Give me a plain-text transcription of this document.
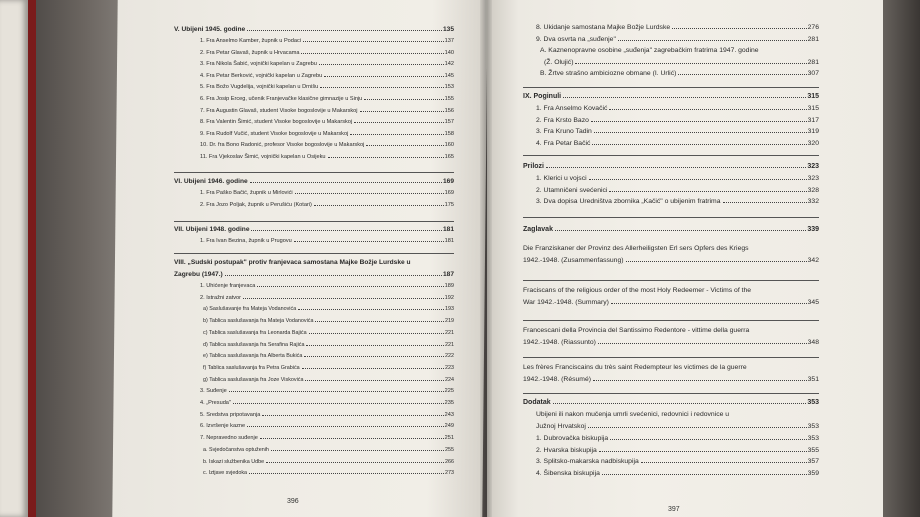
V. Ubijeni 1945. godine	135
1. Fra Anselmo Kamber, župnik u Podaci	137
2. Fra Petar Glavaš, župnik u Hrvacama	140
3. Fra Nikola Šabić, vojnički kapelan u Zagrebu	142
4. Fra Petar Berković, vojnički kapelan u Zagrebu	145
5. Fra Božo Vugdelija, vojnički kapelan u Drnišu	153
6. Fra Josip Erceg, učenik Franjevačke klasične gimnazije u Sinju	155
7. Fra Augustin Glavaš, student Visoke bogoslovije u Makarskoj	156
8. Fra Valentin Šimić, student Visoke bogoslovije u Makarskoj	157
9. Fra Rudolf Vučić, student Visoke bogoslovije u Makarskoj	158
10. Dr. fra Bono Radonić, profesor Visoke bogoslovije u Makarskoj	160
11. Fra Vjekoslav Šimić, vojnički kapelan u Osijeku	165
VI. Ubijeni 1946. godine	169
1. Fra Paško Bačić, župnik u Mirlovići	169
2. Fra Jozo Poljak, župnik u Perušiću (Kotari)	175
VII. Ubijeni 1948. godine	181
1. Fra Ivan Bezina, župnik u Prugovu	181
VIII. „Sudski postupak" protiv franjevaca samostana Majke Božje Lurdske u
Zagrebu (1947.)	187
1. Uhićenje franjevaca	189
2. Istražni zatvor	192
a) Saslušavanje fra Mateja Vodanovića	193
b) Tablica saslušavanja fra Mateja Vodanovića	219
c) Tablica saslušavanja fra Leonarda Bajića	221
d) Tablica saslušavanja fra Serafina Rajića	221
e) Tablica saslušavanja fra Alberta Bukića	222
f) Tablica saslušavanja fra Petra Grabića	223
g) Tablica saslušavanja fra Joze Viskovića	224
3. Suđenje	225
4. „Presuda"	235
5. Sredstva pripotavanja	243
6. Izvršenje kazne	249
7. Nepravedno suđenje	251
a. Svjedočanstva optuženih	255
b. Iskazi službenika Udbe	266
c. Iztjave svjedoka	273
396
8. Ukidanje samostana Majke Božje Lurdske	276
9. Dva osvrta na „suđenje"	281
A. Kaznenopravne osobine „suđenja" zagrebačkim fratrima 1947. godine
(Ž. Olujić)	281
B. Žrtve strašno ambiciozne obmane (I. Urlić)	307
IX. Poginuli	315
1. Fra Anselmo Kovačić	315
2. Fra Krsto Bazo	317
3. Fra Kruno Tadin	319
4. Fra Petar Bačić	320
Prilozi	323
1. Klerici u vojsci	323
2. Utamničeni svećenici	328
3. Dva dopisa Uredništva zbornika „Kačić" o ubijenim fratrima	332
Zaglavak	339
Die Franziskaner der Provinz des Allerheiligsten Erl sers Opfers des Kriegs
1942.-1948. (Zusammenfassung)	342
Fraciscans of the religious order of the most Holy Redeemer - Victims of the
War 1942.-1948. (Summary)	345
Francescani della Provincia del Santissimo Redentore - vittime della guerra
1942.-1948. (Riassunto)	348
Les frères Franciscains du très saint Redempteur les victimes de la guerre
1942.-1948. (Résumé)	351
Dodatak	353
Ubijeni ili nakon mučenja umrli svećenici, redovnici i redovnice u
Južnoj Hrvatskoj	353
1. Dubrovačka biskupija	353
2. Hvarska biskupija	355
3. Splitsko-makarska nadbiskupija	357
4. Šibenska biskupija	359
397
